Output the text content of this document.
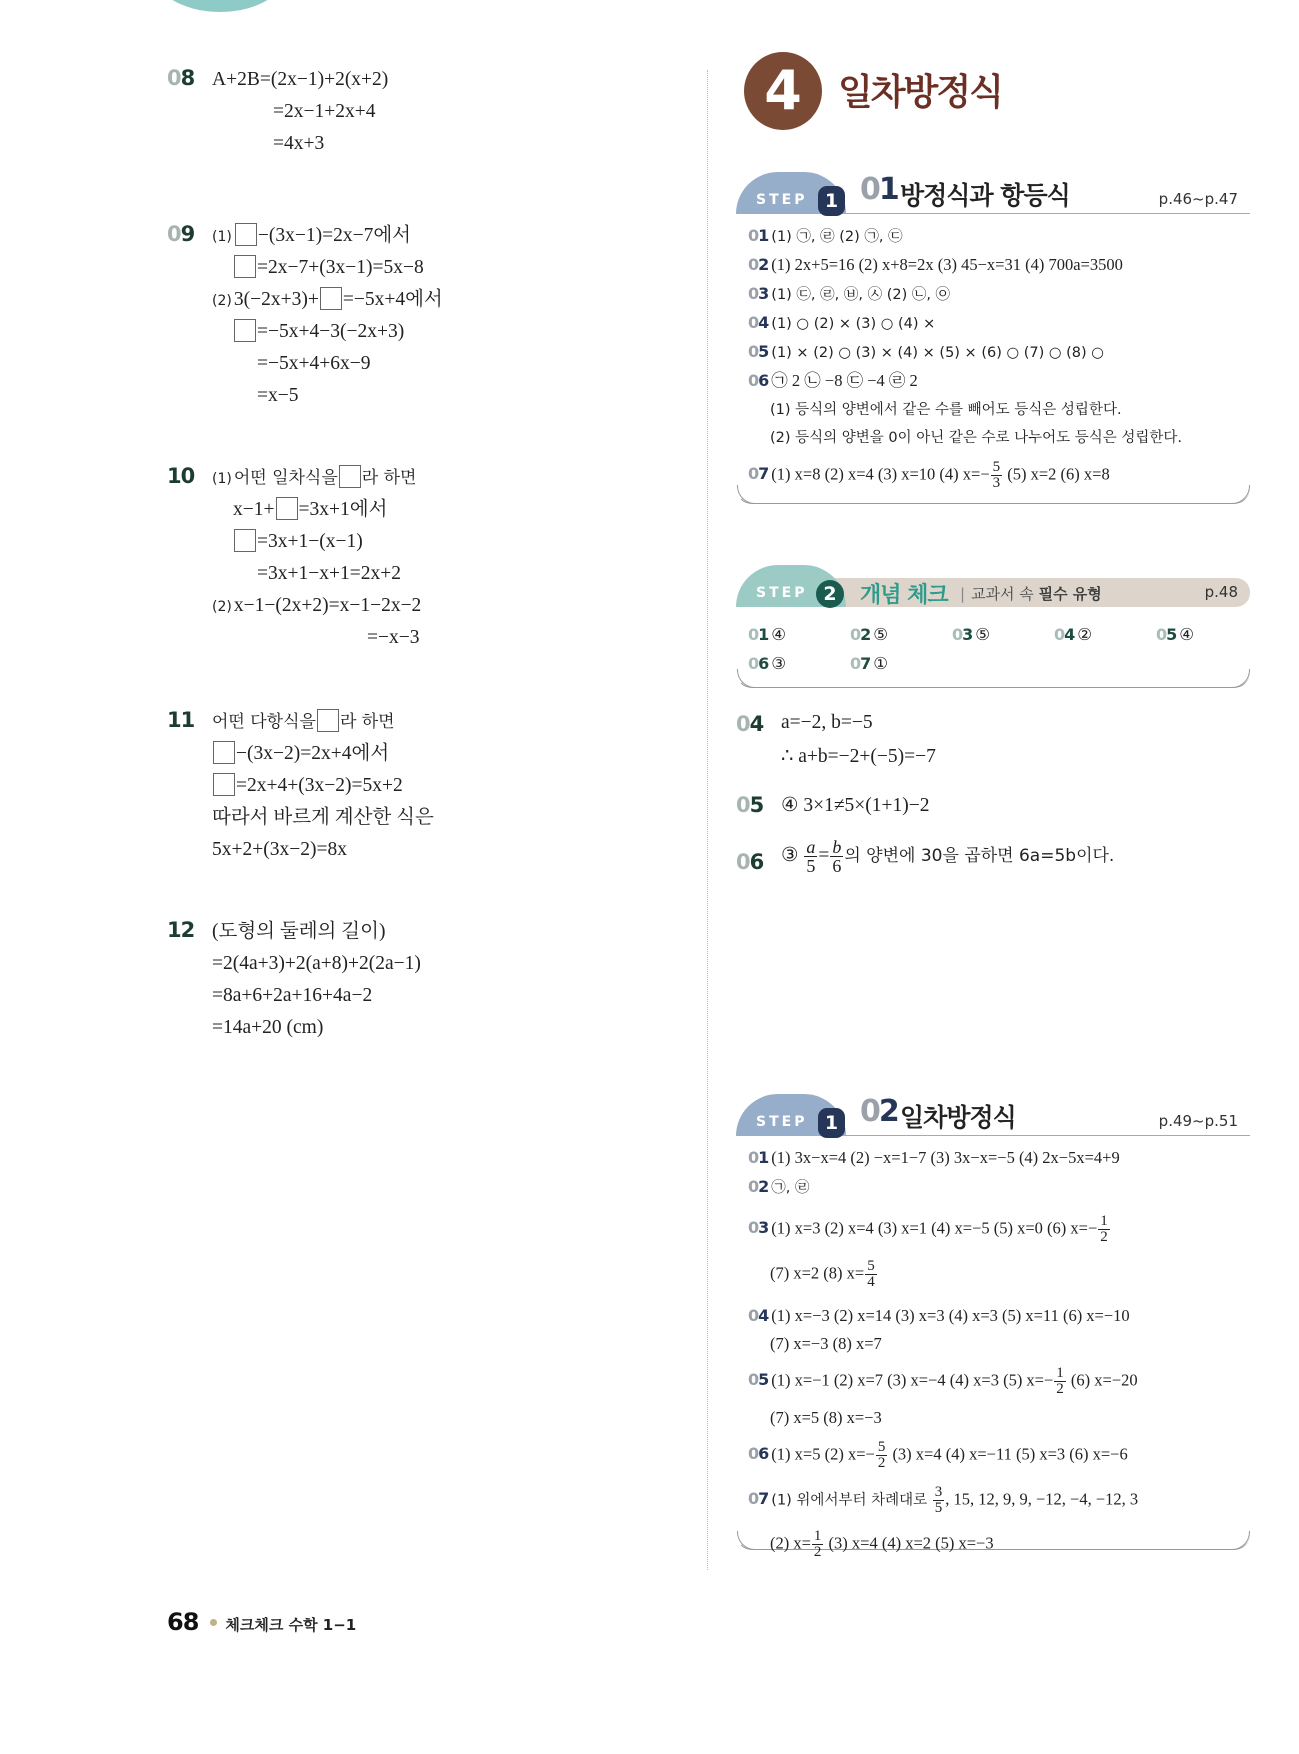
08 A+2B=(2x−1)+2(x+2)
=2x−1+2x+4
=4x+3
09 (1) −(3x−1)=2x−7에서
=2x−7+(3x−1)=5x−8
(2) 3(−2x+3)+ =−5x+4에서
=−5x+4−3(−2x+3)
=−5x+4+6x−9
=x−5
10 (1) 어떤 일차식을 라 하면
x−1+ =3x+1에서
=3x+1−(x−1)
=3x+1−x+1=2x+2
(2) x−1−(2x+2)=x−1−2x−2
=−x−3
11 어떤 다항식을 라 하면
−(3x−2)=2x+4에서
=2x+4+(3x−2)=5x+2
따라서 바르게 계산한 식은
5x+2+(3x−2)=8x
12 (도형의 둘레의 길이)
=2(4a+3)+2(a+8)+2(2a−1)
=8a+6+2a+16+4a−2
=14a+20 (cm)
4	일차방정식
STEP 1 01 방정식과 항등식	p.46~p.47
01 (1) ㉠, ㉣ (2) ㉠, ㉢
02 (1) 2x+5=16 (2) x+8=2x (3) 45−x=31 (4) 700a=3500
03 (1) ㉢, ㉣, ㉥, ㉦ (2) ㉡, ㉧
04 (1) ○ (2) × (3) ○ (4) ×
05 (1) × (2) ○ (3) × (4) × (5) × (6) ○ (7) ○ (8) ○
06 ㉠ 2 ㉡ −8 ㉢ −4 ㉣ 2
(1) 등식의 양변에서 같은 수를 빼어도 등식은 성립한다.
(2) 등식의 양변을 0이 아닌 같은 수로 나누어도 등식은 성립한다.
07 (1) x=8 (2) x=4 (3) x=10 (4) $x=- \frac{5}{3} (5)$ x=2 (6) x=8
STEP 2	개념 체크 | 교과서 속 필수 유형	p.48
01 ④	02 ⑤	03 ⑤	04 ②	05 ④
06 ③	07 ①
04 a=−2, b=−5
∴ a+b=−2+(−5)=−7
05 ④ 3×1≠5×(1+1)−2
06 ③ $\frac{a}{5} = \frac{b}{6}$ 의 양변에 30을 곱하면 6a=5b이다.
STEP 1 02 일차방정식	p.49~p.51
01 (1) 3x−x=4 (2) −x=1−7 (3) 3x−x=−5 (4) 2x−5x=4+9
02 ㉠, ㉣
03 (1) x=3 (2) x=4 (3) x=1 (4) x=−5 (5) x=0 (6) $x=- \frac{1}{2}$
(7) x=2 (8) $x= \frac{5}{4}$
04 (1) x=−3 (2) x=14 (3) x=3 (4) x=3 (5) x=11 (6) x=−10
(7) x=−3 (8) x=7
05 (1) x=−1 (2) x=7 (3) x=−4 (4) x=3 (5) $x=- \frac{1}{2} (6)$ x=−20
(7) x=5 (8) x=−3
06 (1) x=5 (2) $x=- \frac{5}{2} (3)$ x=4 (4) x=−11 (5) x=3 (6) x=−6
07 (1) 위에서부터 차례대로 $\frac{3}{5}$ , 15, 12, 9, 9, −12, −4, −12, 3
(2) $x= \frac{1}{2} (3)$ x=4 (4) x=2 (5) x=−3
68 체크체크 수학 1−1
